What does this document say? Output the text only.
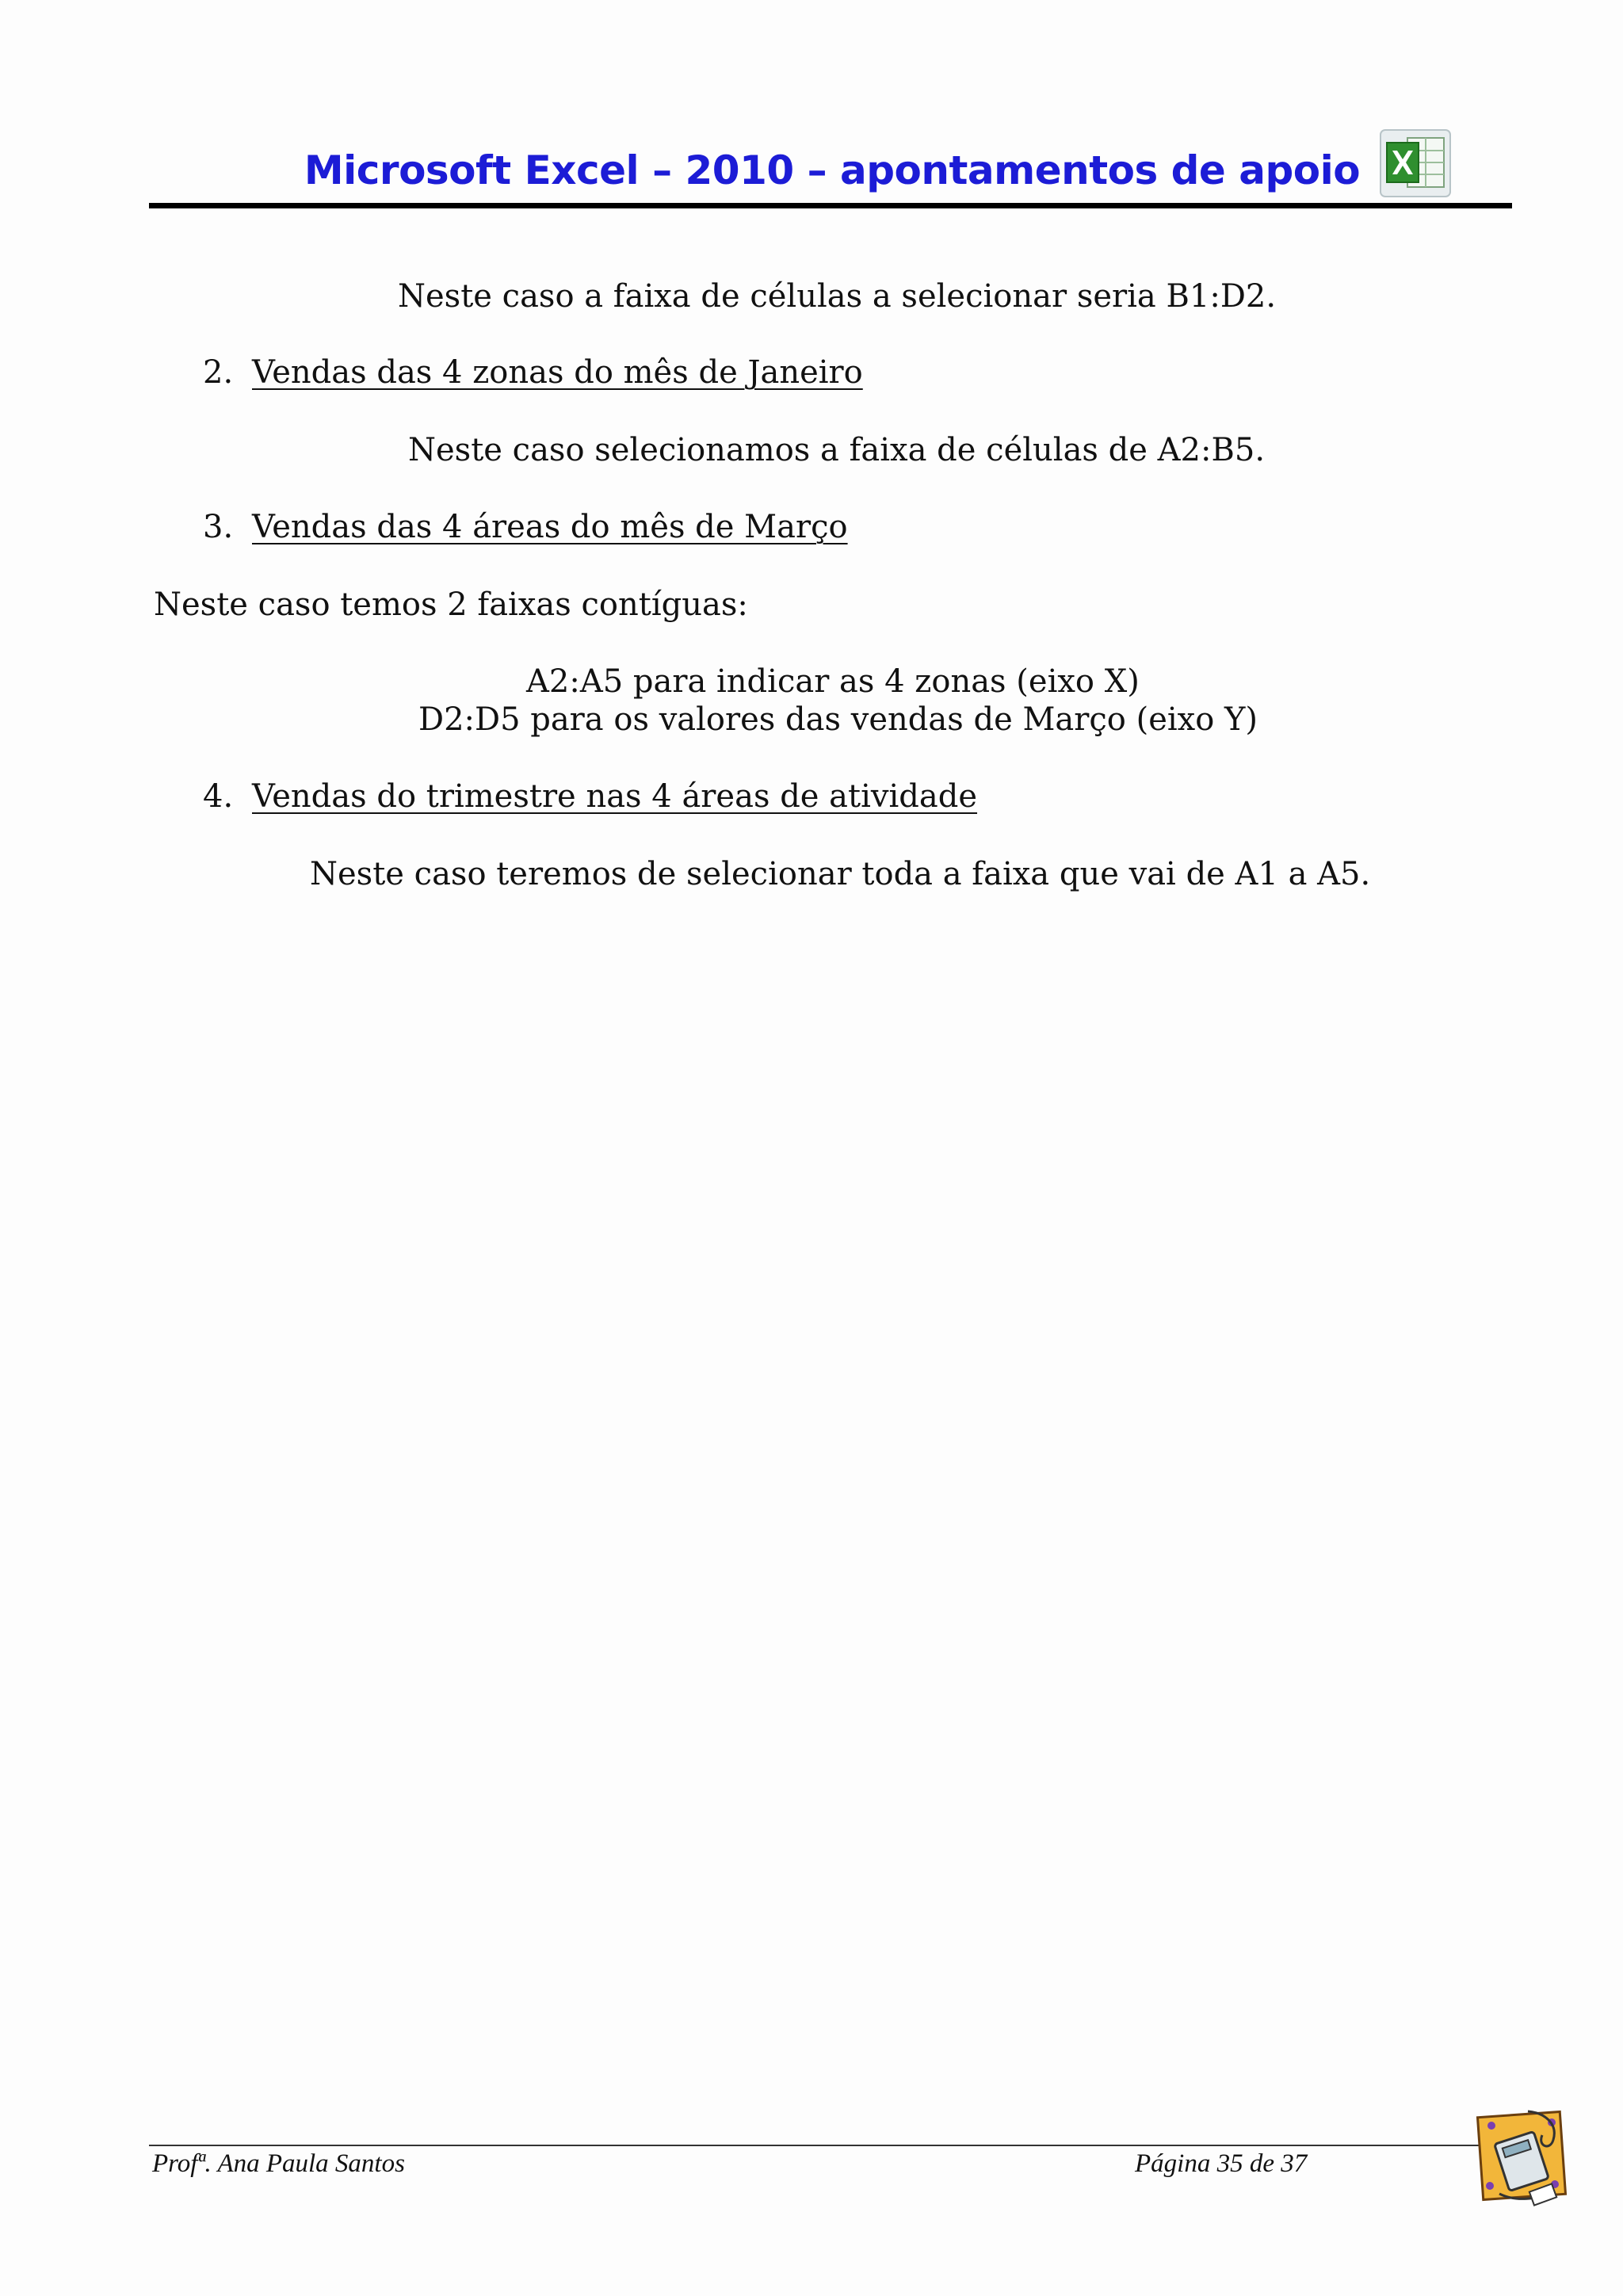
Microsoft Excel – 2010 – apontamentos de apoio
Neste caso a faixa de células a selecionar seria B1:D2.
2. Vendas das 4 zonas do mês de Janeiro
Neste caso selecionamos a faixa de células de A2:B5.
3. Vendas das 4 áreas do mês de Março
Neste caso temos 2 faixas contíguas:
A2:A5 para indicar as 4 zonas (eixo X)
D2:D5 para os valores das vendas de Março (eixo Y)
4. Vendas do trimestre nas 4 áreas de atividade
Neste caso teremos de selecionar toda a faixa que vai de A1 a A5.
Profª. Ana Paula Santos	Página 35 de 37
